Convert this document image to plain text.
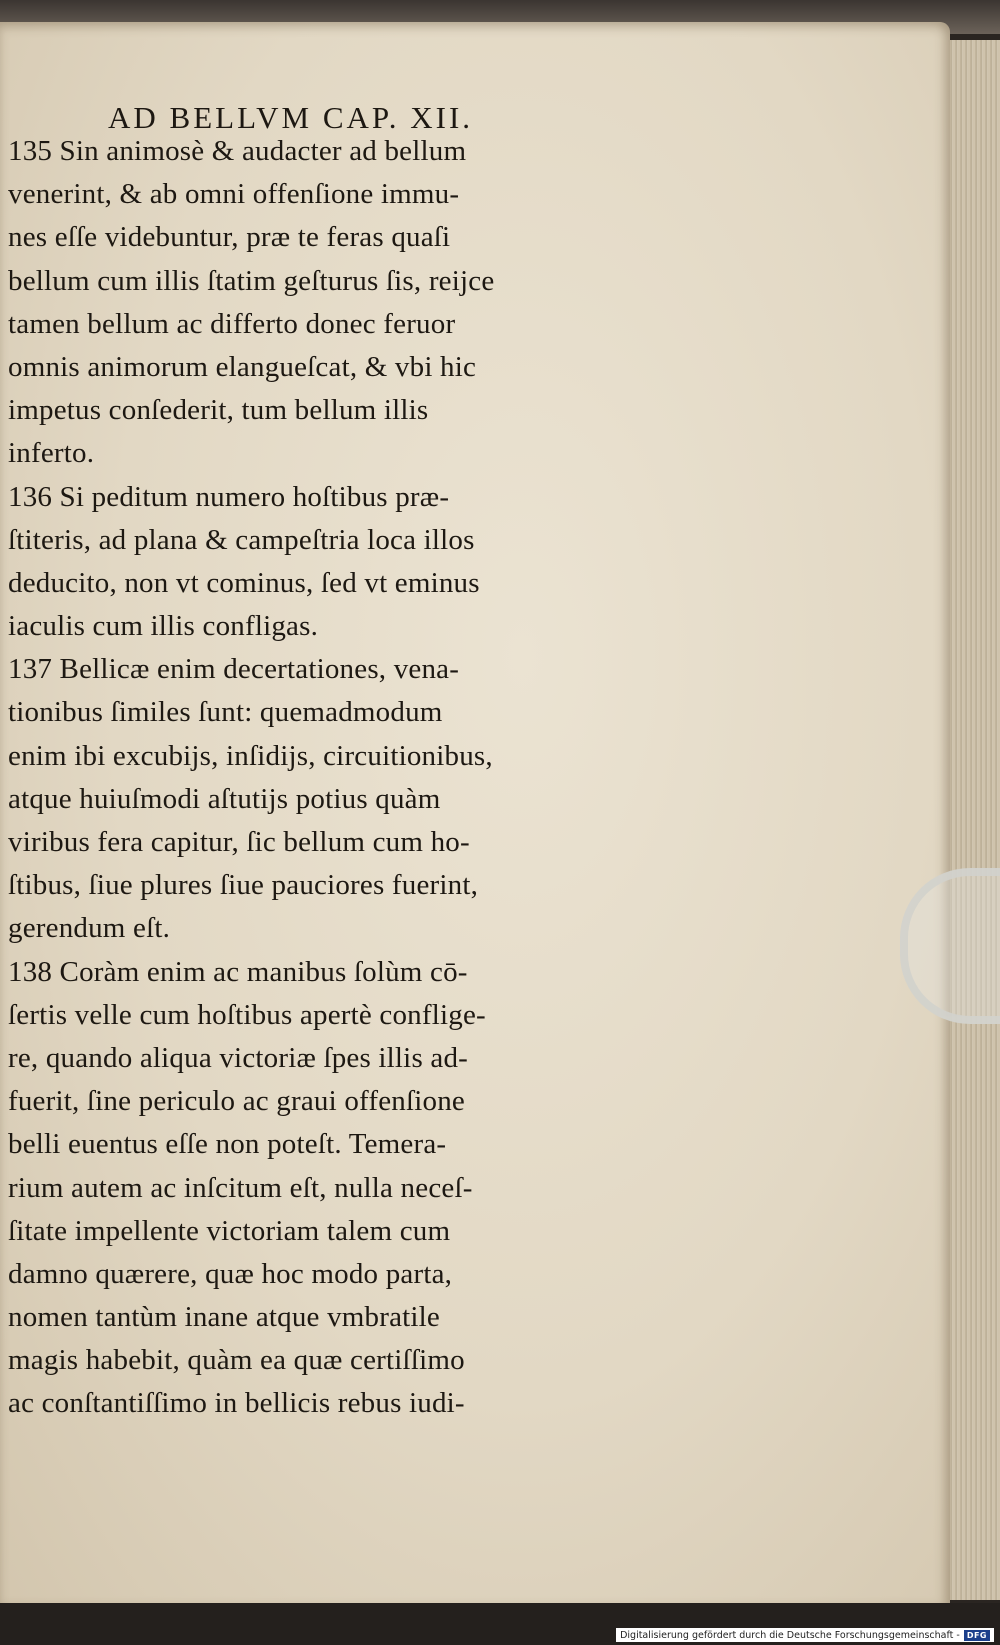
AD BELLVM CAP. XII.
135 Sin animosè & audacter ad bellum
venerint, & ab omni offenſione immu-
nes eſſe videbuntur, præ te feras quaſi
bellum cum illis ſtatim geſturus ſis, reijce
tamen bellum ac differto donec feruor
omnis animorum elangueſcat, & vbi hic
impetus conſederit, tum bellum illis
inferto.
136 Si peditum numero hoſtibus præ-
ſtiteris, ad plana & campeſtria loca illos
deducito, non vt cominus, ſed vt eminus
iaculis cum illis confligas.
137 Bellicæ enim decertationes, vena-
tionibus ſimiles ſunt: quemadmodum
enim ibi excubijs, inſidijs, circuitionibus,
atque huiuſmodi aſtutijs potius quàm
viribus fera capitur, ſic bellum cum ho-
ſtibus, ſiue plures ſiue pauciores fuerint,
gerendum eſt.
138 Coràm enim ac manibus ſolùm cō-
ſertis velle cum hoſtibus apertè conflige-
re, quando aliqua victoriæ ſpes illis ad-
fuerit, ſine periculo ac graui offenſione
belli euentus eſſe non poteſt. Temera-
rium autem ac inſcitum eſt, nulla neceſ-
ſitate impellente victoriam talem cum
damno quærere, quæ hoc modo parta,
nomen tantùm inane atque vmbratile
magis habebit, quàm ea quæ certiſſimo
ac conſtantiſſimo in bellicis rebus iudi-
Digitalisierung gefördert durch die Deutsche Forschungsgemeinschaft - DFG
